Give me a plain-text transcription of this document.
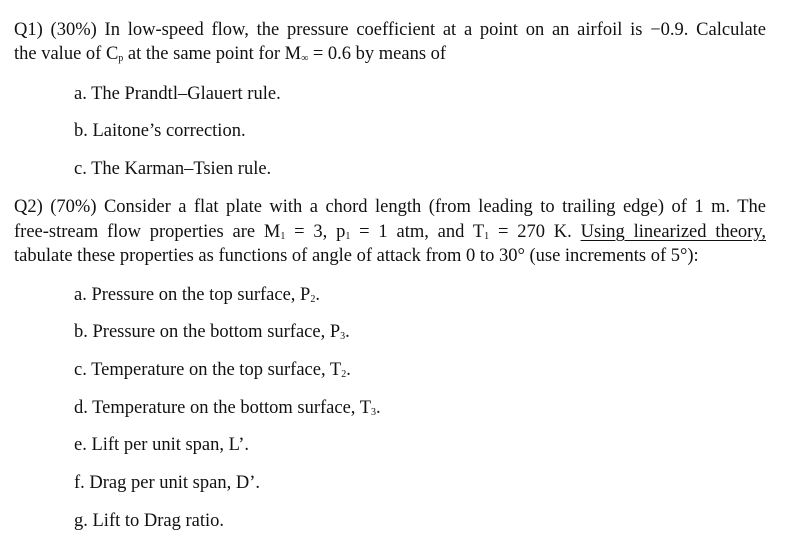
Q1) (30%) In low-speed flow, the pressure coefficient at a point on an airfoil is −0.9. Calculate
the value of $C_p$ at the same point for $M_\infty = 0.6$ by means of
a. The Prandtl–Glauert rule.
b. Laitone’s correction.
c. The Karman–Tsien rule.
Q2) (70%) Consider a flat plate with a chord length (from leading to trailing edge) of 1 m. The
free-stream flow properties are $M_1 = 3$, $p_1 = 1$ atm, and $T_1 = 270$ K. Using linearized theory,
tabulate these properties as functions of angle of attack from 0 to 30° (use increments of 5°):
a. Pressure on the top surface, $P_2$.
b. Pressure on the bottom surface, $P_3$.
c. Temperature on the top surface, $T_2$.
d. Temperature on the bottom surface, $T_3$.
e. Lift per unit span, L’.
f. Drag per unit span, D’.
g. Lift to Drag ratio.
